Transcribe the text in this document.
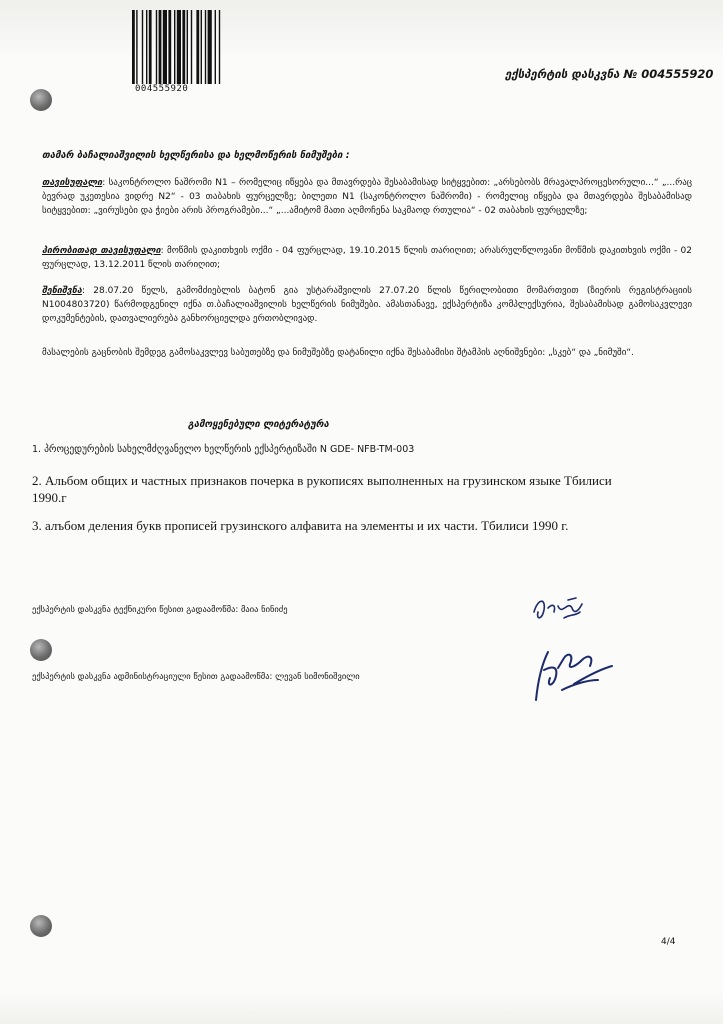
004555920
ექსპერტის დასკვნა № 004555920
თამარ ბაჩალიაშვილის ხელწერისა და ხელმოწერის ნიმუშები :
თავისუფალი: საკონტროლო ნაშრომი N1 – რომელიც იწყება და მთავრდება შესაბამისად სიტყვებით: „არსებობს მრავალპროცესორული...“ „...რაც ბევრად უკეთესია ვიდრე N2“ - 03 თაბახის ფურცელზე; ბილეთი N1 (საკონტროლო ნაშრომი) - რომელიც იწყება და მთავრდება შესაბამისად სიტყვებით: „ვირუსები და ჭიები არის პროგრამები...“ „...ამიტომ მათი აღმოჩენა საკმაოდ რთულია“ - 02 თაბახის ფურცელზე;
პირობითად თავისუფალი: მოწმის დაკითხვის ოქმი - 04 ფურცლად, 19.10.2015 წლის თარიღით; არასრულწლოვანი მოწმის დაკითხვის ოქმი - 02 ფურცლად, 13.12.2011 წლის თარიღით;
შენიშვნა: 28.07.20 წელს, გამომძიებლის ბატონ გია უსტარაშვილის 27.07.20 წლის წერილობითი მომართვით (ზიერის რეგისტრაციის N1004803720) წარმოდგენილ იქნა თ.ბაჩალიაშვილის ხელწერის ნიმუშები. ამასთანავე, ექსპერტიზა კომპლექსურია, შესაბამისად გამოსაკვლევი დოკუმენტების, დათვალიერება განხორციელდა ერთობლივად.
მასალების გაცნობის შემდეგ გამოსაკვლევ საბუთებზე და ნიმუშებზე დატანილი იქნა შესაბამისი შტამპის აღნიშვნები: „სკებ“ და „ნიმუში“.
გამოყენებული ლიტერატურა
1. პროცედურების სახელმძღვანელო ხელწერის ექსპერტიზაში N GDE- NFB-TM-003
2. Альбом общих и частных признаков почерка в рукописях выполненных на грузинском языке Тбилиси 1990.г
3. алъбом деления букв прописей грузинского алфавита на элементы и их части. Тбилиси 1990 г.
ექსპერტის დასკვნა ტექნიკური წესით გადაამოწმა: მაია ნინიძე
ექსპერტის დასკვნა ადმინისტრაციული წესით გადაამოწმა: ლევან სიმონიშვილი
4/4
